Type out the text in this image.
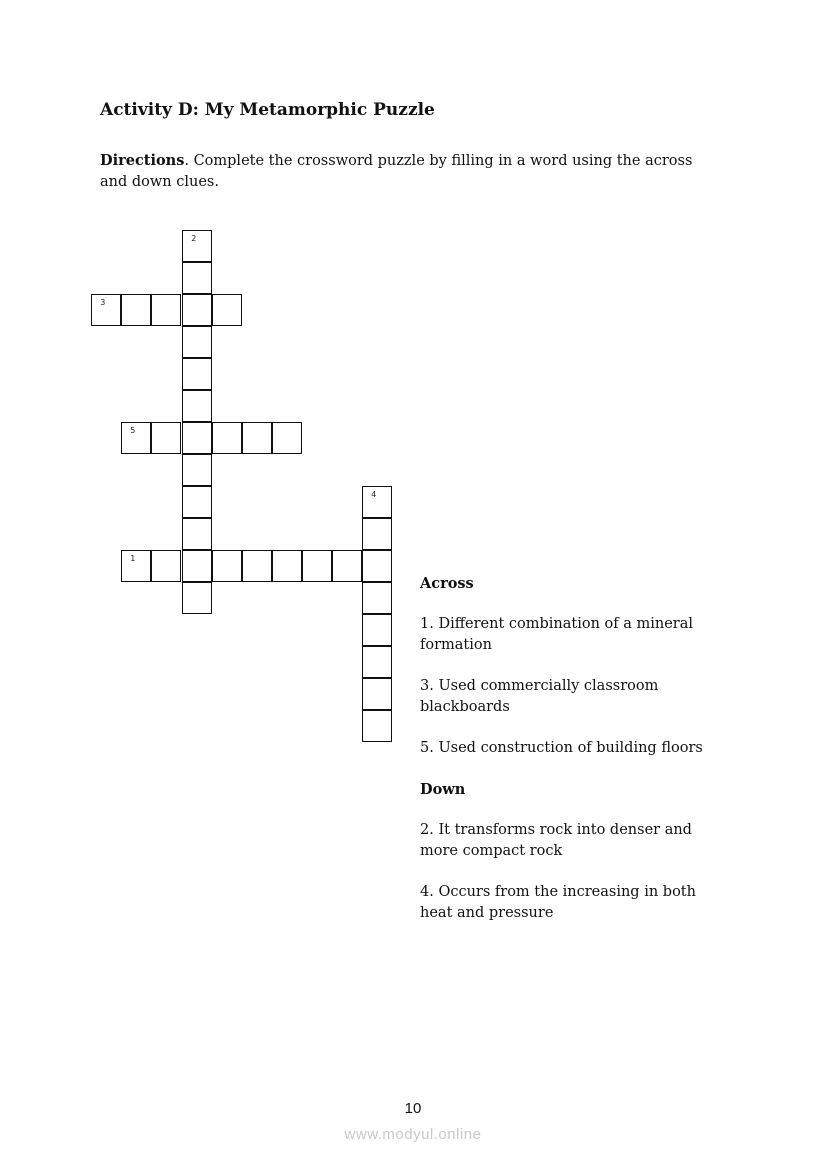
Activity D: My Metamorphic Puzzle
Directions. Complete the crossword puzzle by filling in a word using the across and down clues.
2
3
5
1
4
Across
1. Different combination of a mineral formation
3. Used commercially classroom blackboards
5. Used construction of building floors
Down
2. It transforms rock into denser and more compact rock
4. Occurs from the increasing in both heat and pressure
10
www.modyul.online
